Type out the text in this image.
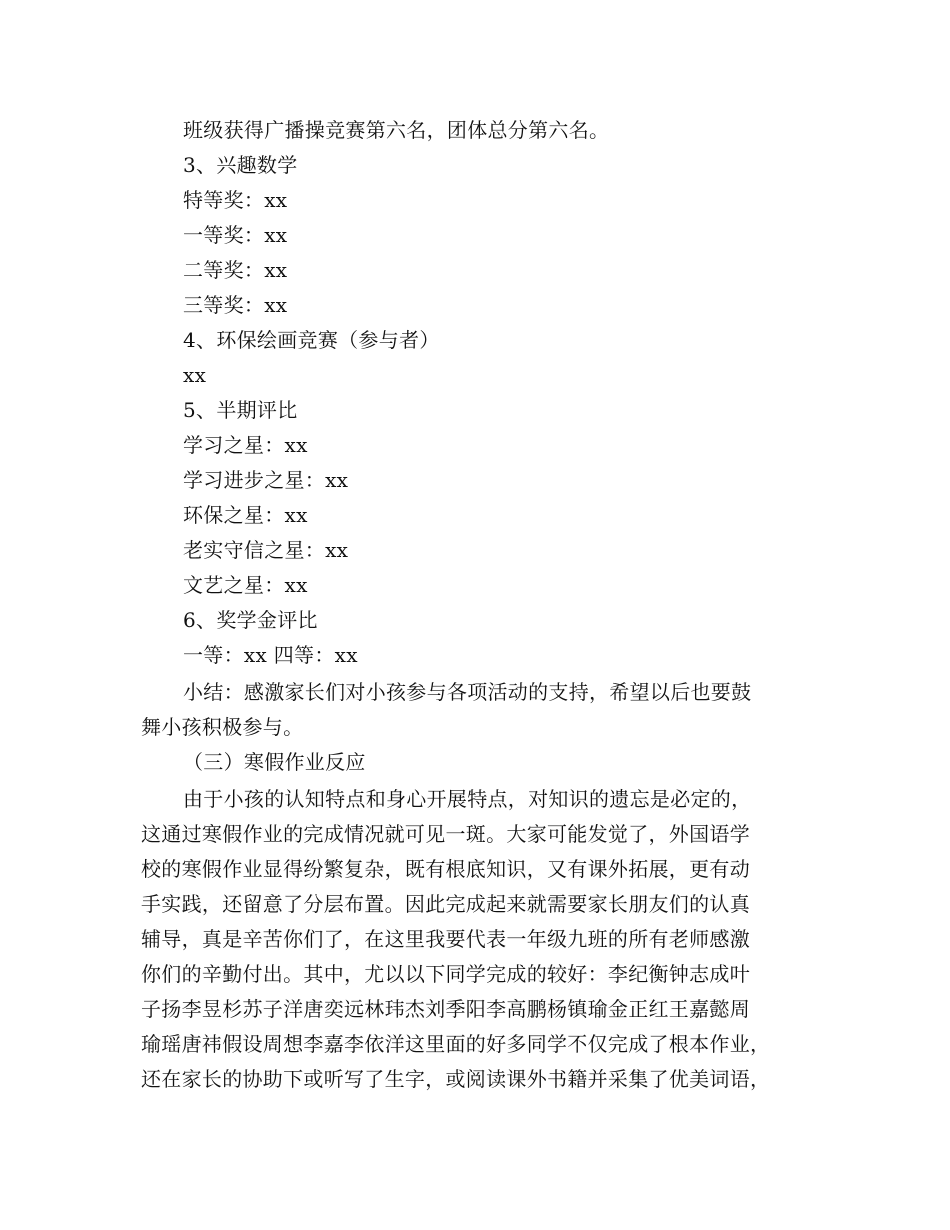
班级获得广播操竞赛第六名，团体总分第六名。
3、兴趣数学
特等奖：xx
一等奖：xx
二等奖：xx
三等奖：xx
4、环保绘画竞赛（参与者）
xx
5、半期评比
学习之星：xx
学习进步之星：xx
环保之星：xx
老实守信之星：xx
文艺之星：xx
6、奖学金评比
一等：xx 四等：xx
小结：感激家长们对小孩参与各项活动的支持，希望以后也要鼓
舞小孩积极参与。
（三）寒假作业反应
由于小孩的认知特点和身心开展特点，对知识的遗忘是必定的，
这通过寒假作业的完成情况就可见一斑。大家可能发觉了，外国语学
校的寒假作业显得纷繁复杂，既有根底知识，又有课外拓展，更有动
手实践，还留意了分层布置。因此完成起来就需要家长朋友们的认真
辅导，真是辛苦你们了，在这里我要代表一年级九班的所有老师感激
你们的辛勤付出。其中，尤以以下同学完成的较好：李纪衡钟志成叶
子扬李昱杉苏子洋唐奕远林玮杰刘季阳李高鹏杨镇瑜金正红王嘉懿周
瑜瑶唐祎假设周想李嘉李依洋这里面的好多同学不仅完成了根本作业，
还在家长的协助下或听写了生字，或阅读课外书籍并采集了优美词语，
